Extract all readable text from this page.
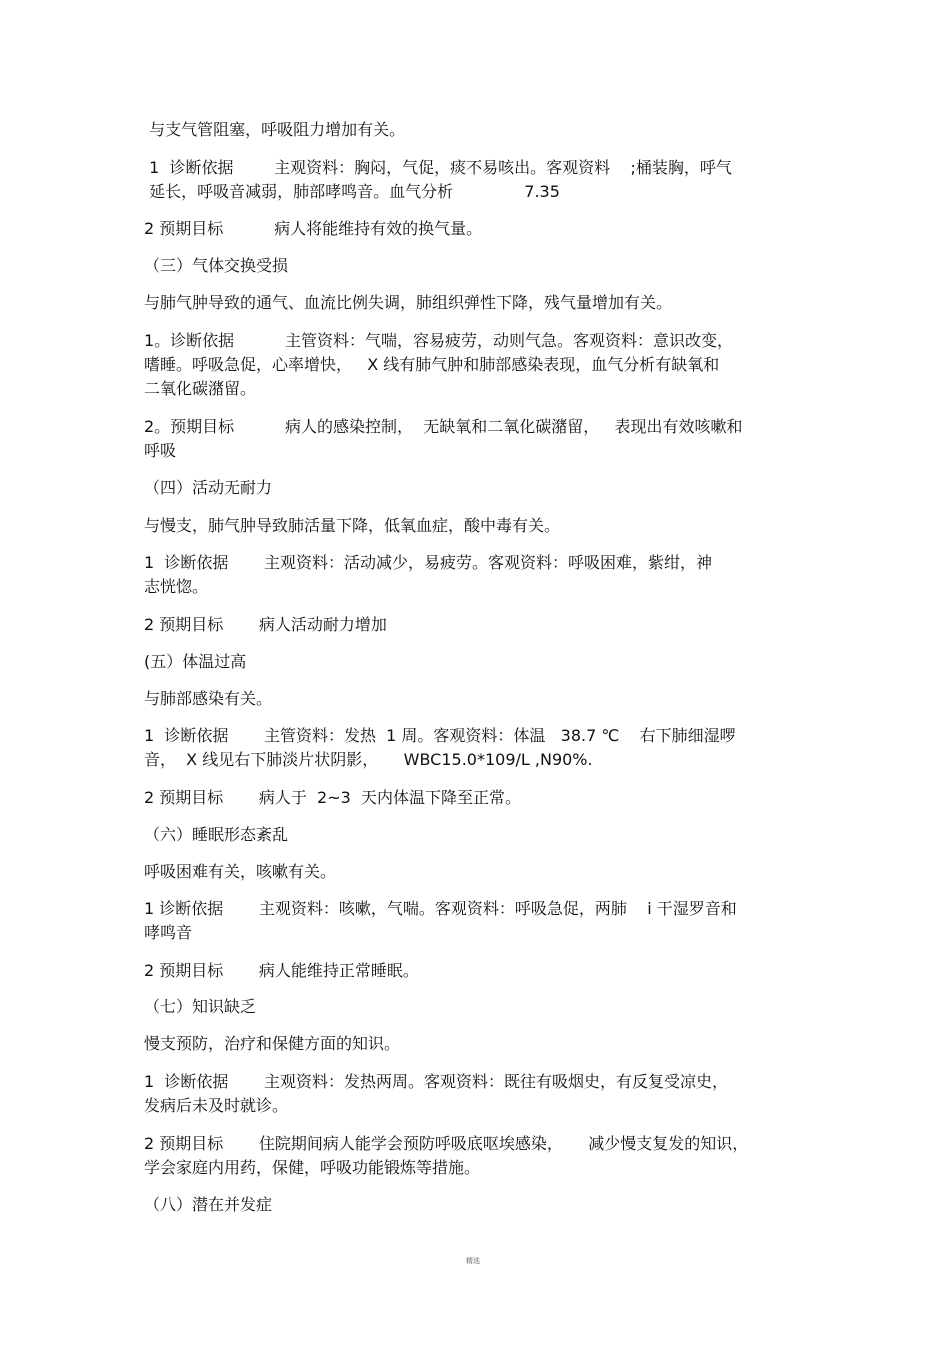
与支气管阻塞，呼吸阻力增加有关。
1  诊断依据        主观资料：胸闷，气促，痰不易咳出。客观资料    ;桶装胸，呼气
延长，呼吸音减弱，肺部哮鸣音。血气分析              7.35
2 预期目标          病人将能维持有效的换气量。
（三）气体交换受损
与肺气肿导致的通气、血流比例失调，肺组织弹性下降，残气量增加有关。
1。诊断依据          主管资料：气喘，容易疲劳，动则气急。客观资料：意识改变，
嗜睡。呼吸急促，心率增快，   X 线有肺气肿和肺部感染表现，血气分析有缺氧和
二氧化碳潴留。
2。预期目标          病人的感染控制，  无缺氧和二氧化碳潴留，   表现出有效咳嗽和
呼吸
（四）活动无耐力
与慢支，肺气肿导致肺活量下降，低氧血症，酸中毒有关。
1  诊断依据       主观资料：活动减少，易疲劳。客观资料：呼吸困难，紫绀，神
志恍惚。
2 预期目标       病人活动耐力增加
(五）体温过高
与肺部感染有关。
1  诊断依据       主管资料：发热  1 周。客观资料：体温   38.7 ℃    右下肺细湿啰
音，  X 线见右下肺淡片状阴影，     WBC15.0*109/L ,N90%.
2 预期目标       病人于  2~3  天内体温下降至正常。
（六）睡眠形态紊乱
呼吸困难有关，咳嗽有关。
1 诊断依据       主观资料：咳嗽，气喘。客观资料：呼吸急促，两肺    i 干湿罗音和
哮鸣音
2 预期目标       病人能维持正常睡眠。
（七）知识缺乏
慢支预防，治疗和保健方面的知识。
1  诊断依据       主观资料：发热两周。客观资料：既往有吸烟史，有反复受凉史，
发病后未及时就诊。
2 预期目标       住院期间病人能学会预防呼吸底呕埃感染，     减少慢支复发的知识，
学会家庭内用药，保健，呼吸功能锻炼等措施。
（八）潜在并发症
精选
